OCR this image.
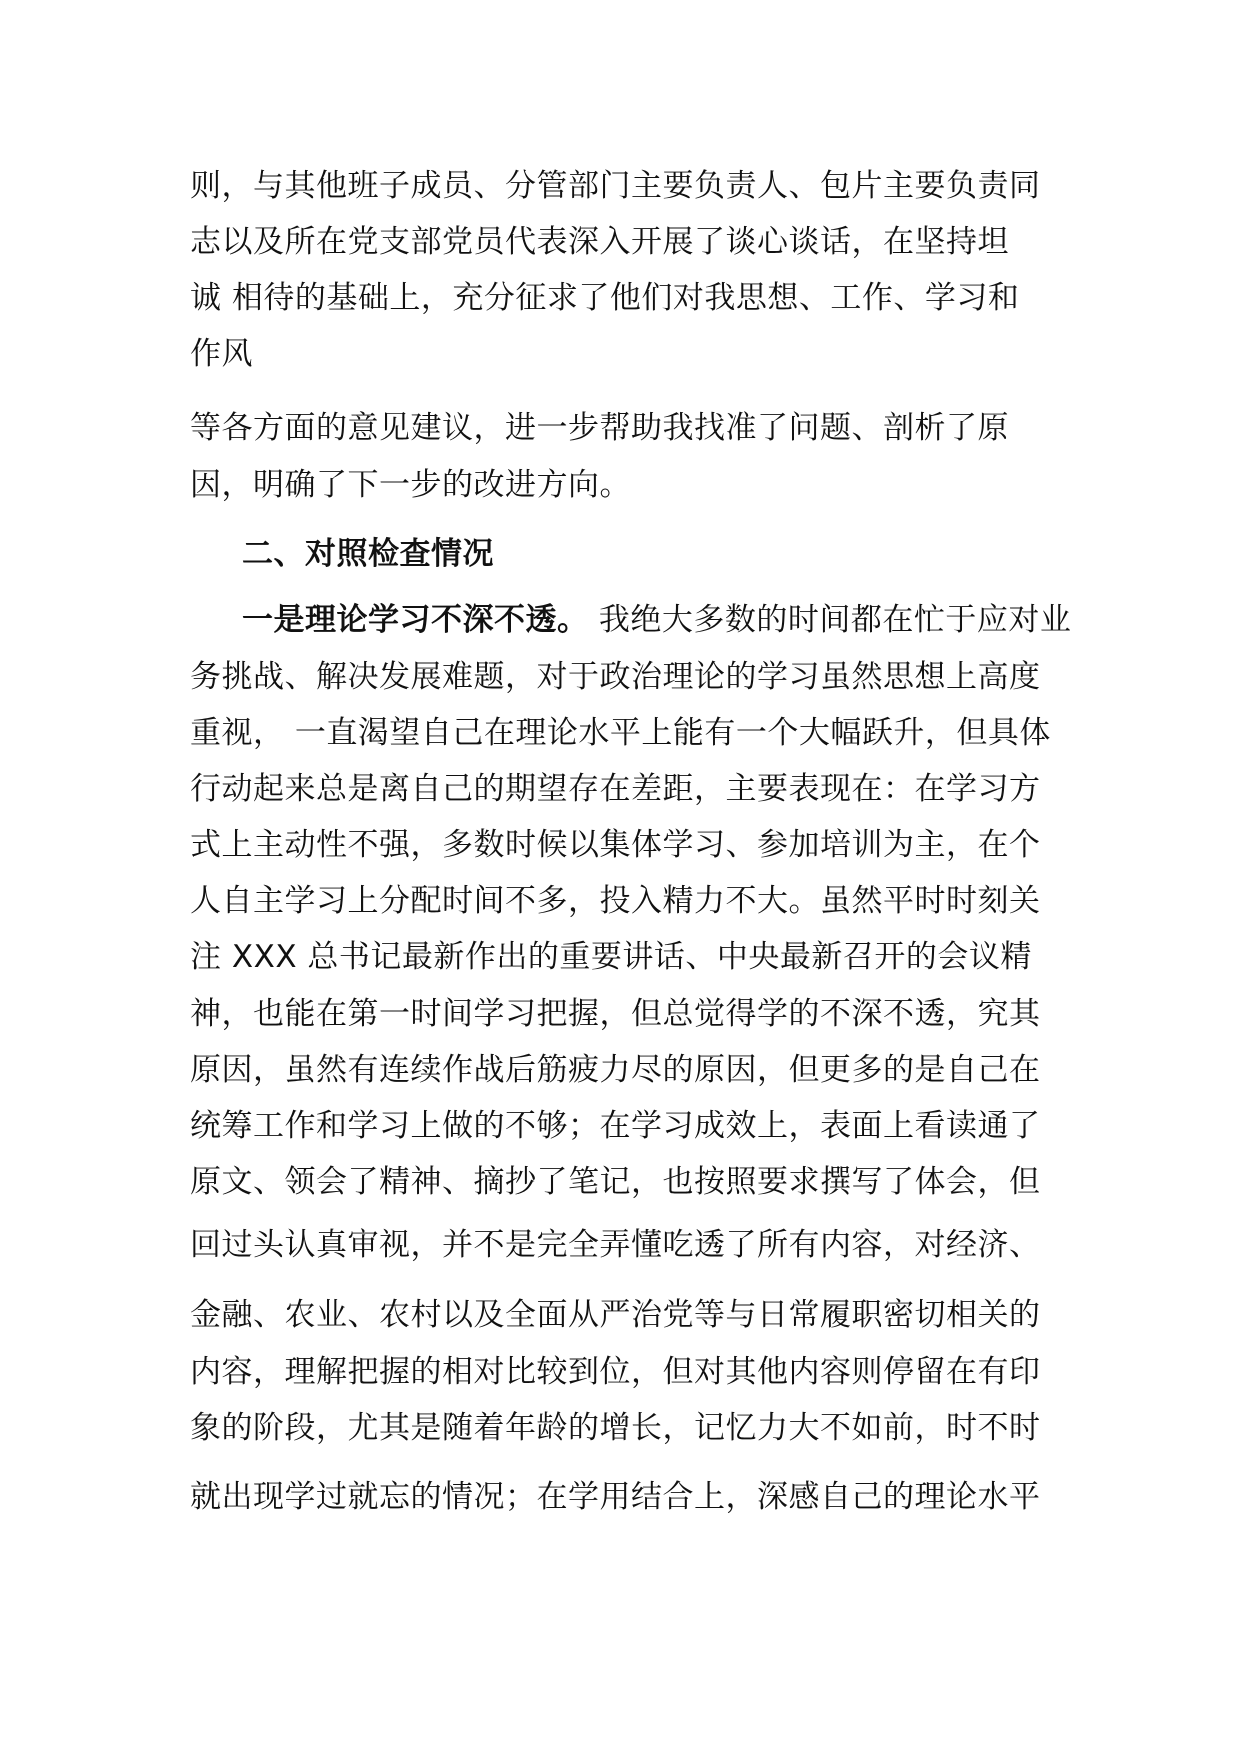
则，与其他班子成员、分管部门主要负责人、包片主要负责同
志以及所在党支部党员代表深入开展了谈心谈话，在坚持坦
诚 相待的基础上，充分征求了他们对我思想、工作、学习和
作风
等各方面的意见建议，进一步帮助我找准了问题、剖析了原
因，明确了下一步的改进方向。
二、对照检查情况
一是理论学习不深不透。 我绝大多数的时间都在忙于应对业
务挑战、解决发展难题，对于政治理论的学习虽然思想上高度
重视， 一直渴望自己在理论水平上能有一个大幅跃升，但具体
行动起来总是离自己的期望存在差距，主要表现在：在学习方
式上主动性不强，多数时候以集体学习、参加培训为主，在个
人自主学习上分配时间不多，投入精力不大。虽然平时时刻关
注 XXX 总书记最新作出的重要讲话、中央最新召开的会议精
神，也能在第一时间学习把握，但总觉得学的不深不透，究其
原因，虽然有连续作战后筋疲力尽的原因，但更多的是自己在
统筹工作和学习上做的不够；在学习成效上，表面上看读通了
原文、领会了精神、摘抄了笔记，也按照要求撰写了体会，但
回过头认真审视，并不是完全弄懂吃透了所有内容，对经济、
金融、农业、农村以及全面从严治党等与日常履职密切相关的
内容，理解把握的相对比较到位，但对其他内容则停留在有印
象的阶段，尤其是随着年龄的增长，记忆力大不如前，时不时
就出现学过就忘的情况；在学用结合上，深感自己的理论水平
